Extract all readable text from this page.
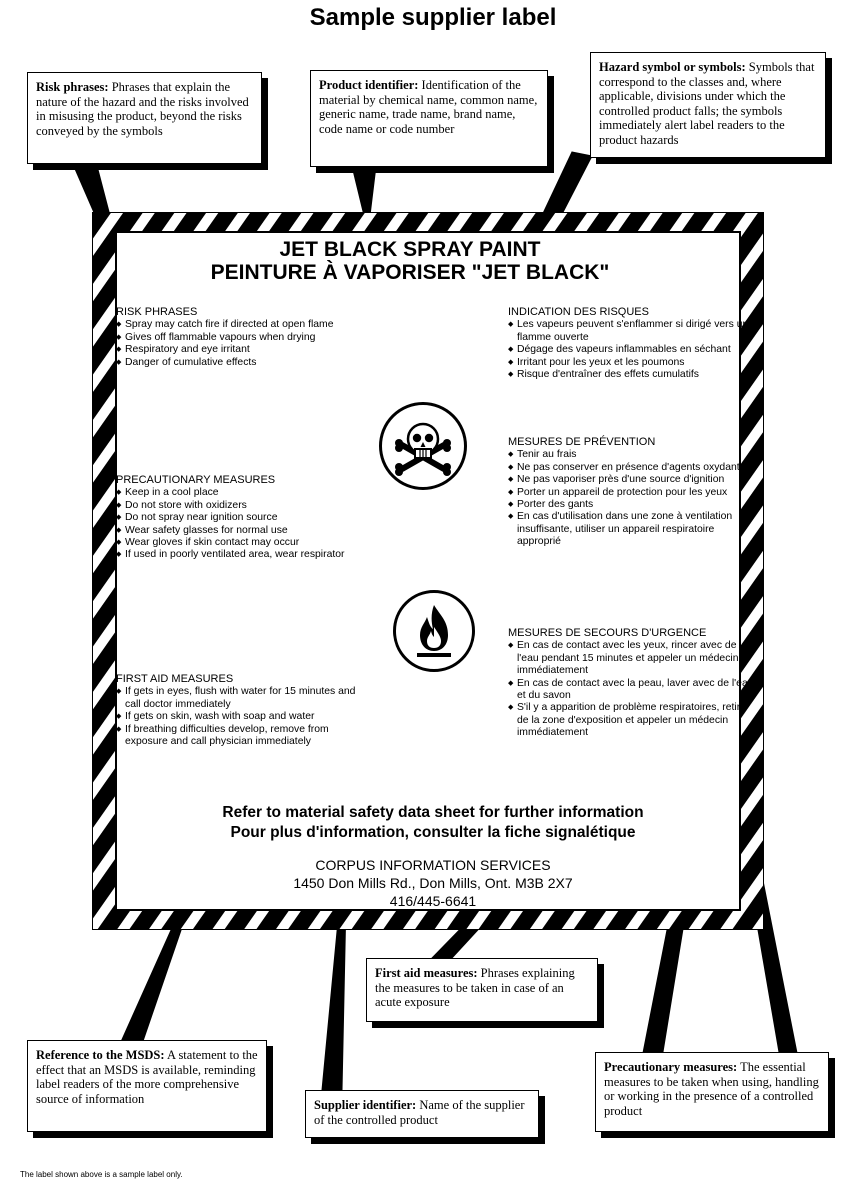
Sample supplier label
JET BLACK SPRAY PAINT
PEINTURE À VAPORISER "JET BLACK"
RISK PHRASES
◆ Spray may catch fire if directed at open flame
◆ Gives off flammable vapours when drying
◆ Respiratory and eye irritant
◆ Danger of cumulative effects
PRECAUTIONARY MEASURES
◆ Keep in a cool place
◆ Do not store with oxidizers
◆ Do not spray near ignition source
◆ Wear safety glasses for normal use
◆ Wear gloves if skin contact may occur
◆ If used in poorly ventilated area, wear respirator
FIRST AID MEASURES
◆ If gets in eyes, flush with water for 15 minutes and call doctor immediately
◆ If gets on skin, wash with soap and water
◆ If breathing difficulties develop, remove from exposure and call physician immediately
INDICATION DES RISQUES
◆ Les vapeurs peuvent s'enflammer si dirigé vers une flamme ouverte
◆ Dégage des vapeurs inflammables en séchant
◆ Irritant pour les yeux et les poumons
◆ Risque d'entraîner des effets cumulatifs
MESURES DE PRÉVENTION
◆ Tenir au frais
◆ Ne pas conserver en présence d'agents oxydants
◆ Ne pas vaporiser près d'une source d'ignition
◆ Porter un appareil de protection pour les yeux
◆ Porter des gants
◆ En cas d'utilisation dans une zone à ventilation insuffisante, utiliser un appareil respiratoire approprié
MESURES DE SECOURS D'URGENCE
◆ En cas de contact avec les yeux, rincer avec de l'eau pendant 15 minutes et appeler un médecin immédiatement
◆ En cas de contact avec la peau, laver avec de l'eau et du savon
◆ S'il y a apparition de problème respiratoires, retire de la zone d'exposition et appeler un médecin immédiatement
Refer to material safety data sheet for further information
Pour plus d'information, consulter la fiche signalétique
CORPUS INFORMATION SERVICES
1450 Don Mills Rd., Don Mills, Ont. M3B 2X7
416/445-6641
Risk phrases: Phrases that explain the nature of the hazard and the risks involved in misusing the product, beyond the risks conveyed by the symbols
Product identifier: Identification of the material by chemical name, common name, generic name, trade name, brand name, code name or code number
Hazard symbol or symbols: Symbols that correspond to the classes and, where applicable, divisions under which the controlled product falls; the symbols immediately alert label readers to the product hazards
First aid measures: Phrases explaining the measures to be taken in case of an acute exposure
Reference to the MSDS: A statement to the effect that an MSDS is available, reminding label readers of the more comprehensive source of information	Supplier identifier: Name of the supplier of the controlled product
Precautionary measures: The essential measures to be taken when using, handling or working in the presence of a controlled product
The label shown above is a sample label only.
